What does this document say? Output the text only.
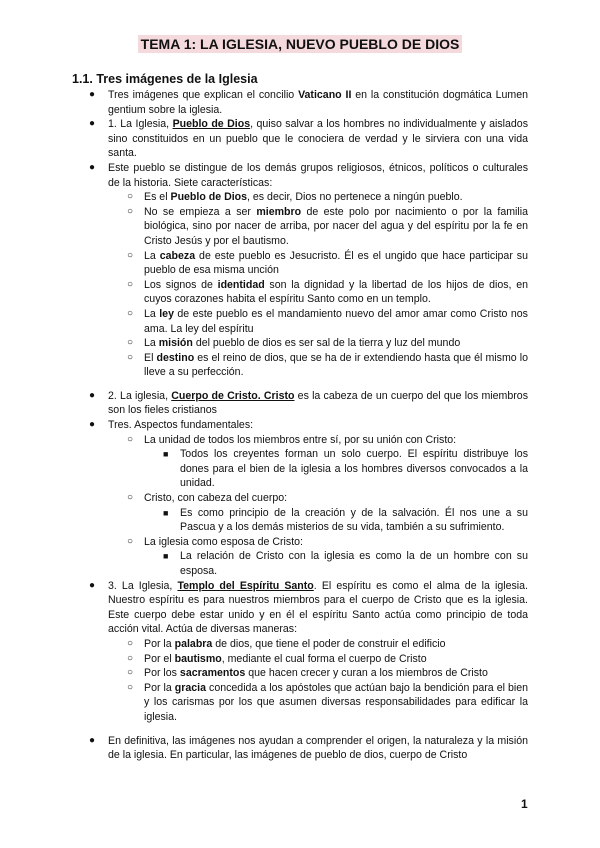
TEMA 1: LA IGLESIA, NUEVO PUEBLO DE DIOS
1.1. Tres imágenes de la Iglesia
● Tres imágenes que explican el concilio Vaticano II en la constitución dogmática Lumen gentium sobre la iglesia.

● 1. La Iglesia, Pueblo de Dios, quiso salvar a los hombres no individualmente y aislados sino constituidos en un pueblo que le conociera de verdad y le sirviera con una vida santa.

● Este pueblo se distingue de los demás grupos religiosos, étnicos, políticos o culturales de la historia. Siete características:

○ Es el Pueblo de Dios, es decir, Dios no pertenece a ningún pueblo.

○ No se empieza a ser miembro de este polo por nacimiento o por la familia biológica, sino por nacer de arriba, por nacer del agua y del espíritu por la fe en Cristo Jesús y por el bautismo.

○ La cabeza de este pueblo es Jesucristo. Él es el ungido que hace participar su pueblo de esa misma unción

○ Los signos de identidad son la dignidad y la libertad de los hijos de dios, en cuyos corazones habita el espíritu Santo como en un templo.

○ La ley de este pueblo es el mandamiento nuevo del amor amar como Cristo nos ama. La ley del espíritu

○ La misión del pueblo de dios es ser sal de la tierra y luz del mundo

○ El destino es el reino de dios, que se ha de ir extendiendo hasta que él mismo lo lleve a su perfección.

● 2. La iglesia, Cuerpo de Cristo. Cristo es la cabeza de un cuerpo del que los miembros son los fieles cristianos

● Tres. Aspectos fundamentales:

○ La unidad de todos los miembros entre sí, por su unión con Cristo:

■ Todos los creyentes forman un solo cuerpo. El espíritu distribuye los dones para el bien de la iglesia a los hombres diversos convocados a la unidad.

○ Cristo, con cabeza del cuerpo:

■ Es como principio de la creación y de la salvación. Él nos une a su Pascua y a los demás misterios de su vida, también a su sufrimiento.

○ La iglesia como esposa de Cristo:

■ La relación de Cristo con la iglesia es como la de un hombre con su esposa.

● 3. La Iglesia, Templo del Espíritu Santo. El espíritu es como el alma de la iglesia. Nuestro espíritu es para nuestros miembros para el cuerpo de Cristo que es la iglesia. Este cuerpo debe estar unido y en él el espíritu Santo actúa como principio de toda acción vital. Actúa de diversas maneras:

○ Por la palabra de dios, que tiene el poder de construir el edificio

○ Por el bautismo, mediante el cual forma el cuerpo de Cristo

○ Por los sacramentos que hacen crecer y curan a los miembros de Cristo

○ Por la gracia concedida a los apóstoles que actúan bajo la bendición para el bien y los carismas por los que asumen diversas responsabilidades para edificar la iglesia.

● En definitiva, las imágenes nos ayudan a comprender el origen, la naturaleza y la misión de la iglesia. En particular, las imágenes de pueblo de dios, cuerpo de Cristo

1
